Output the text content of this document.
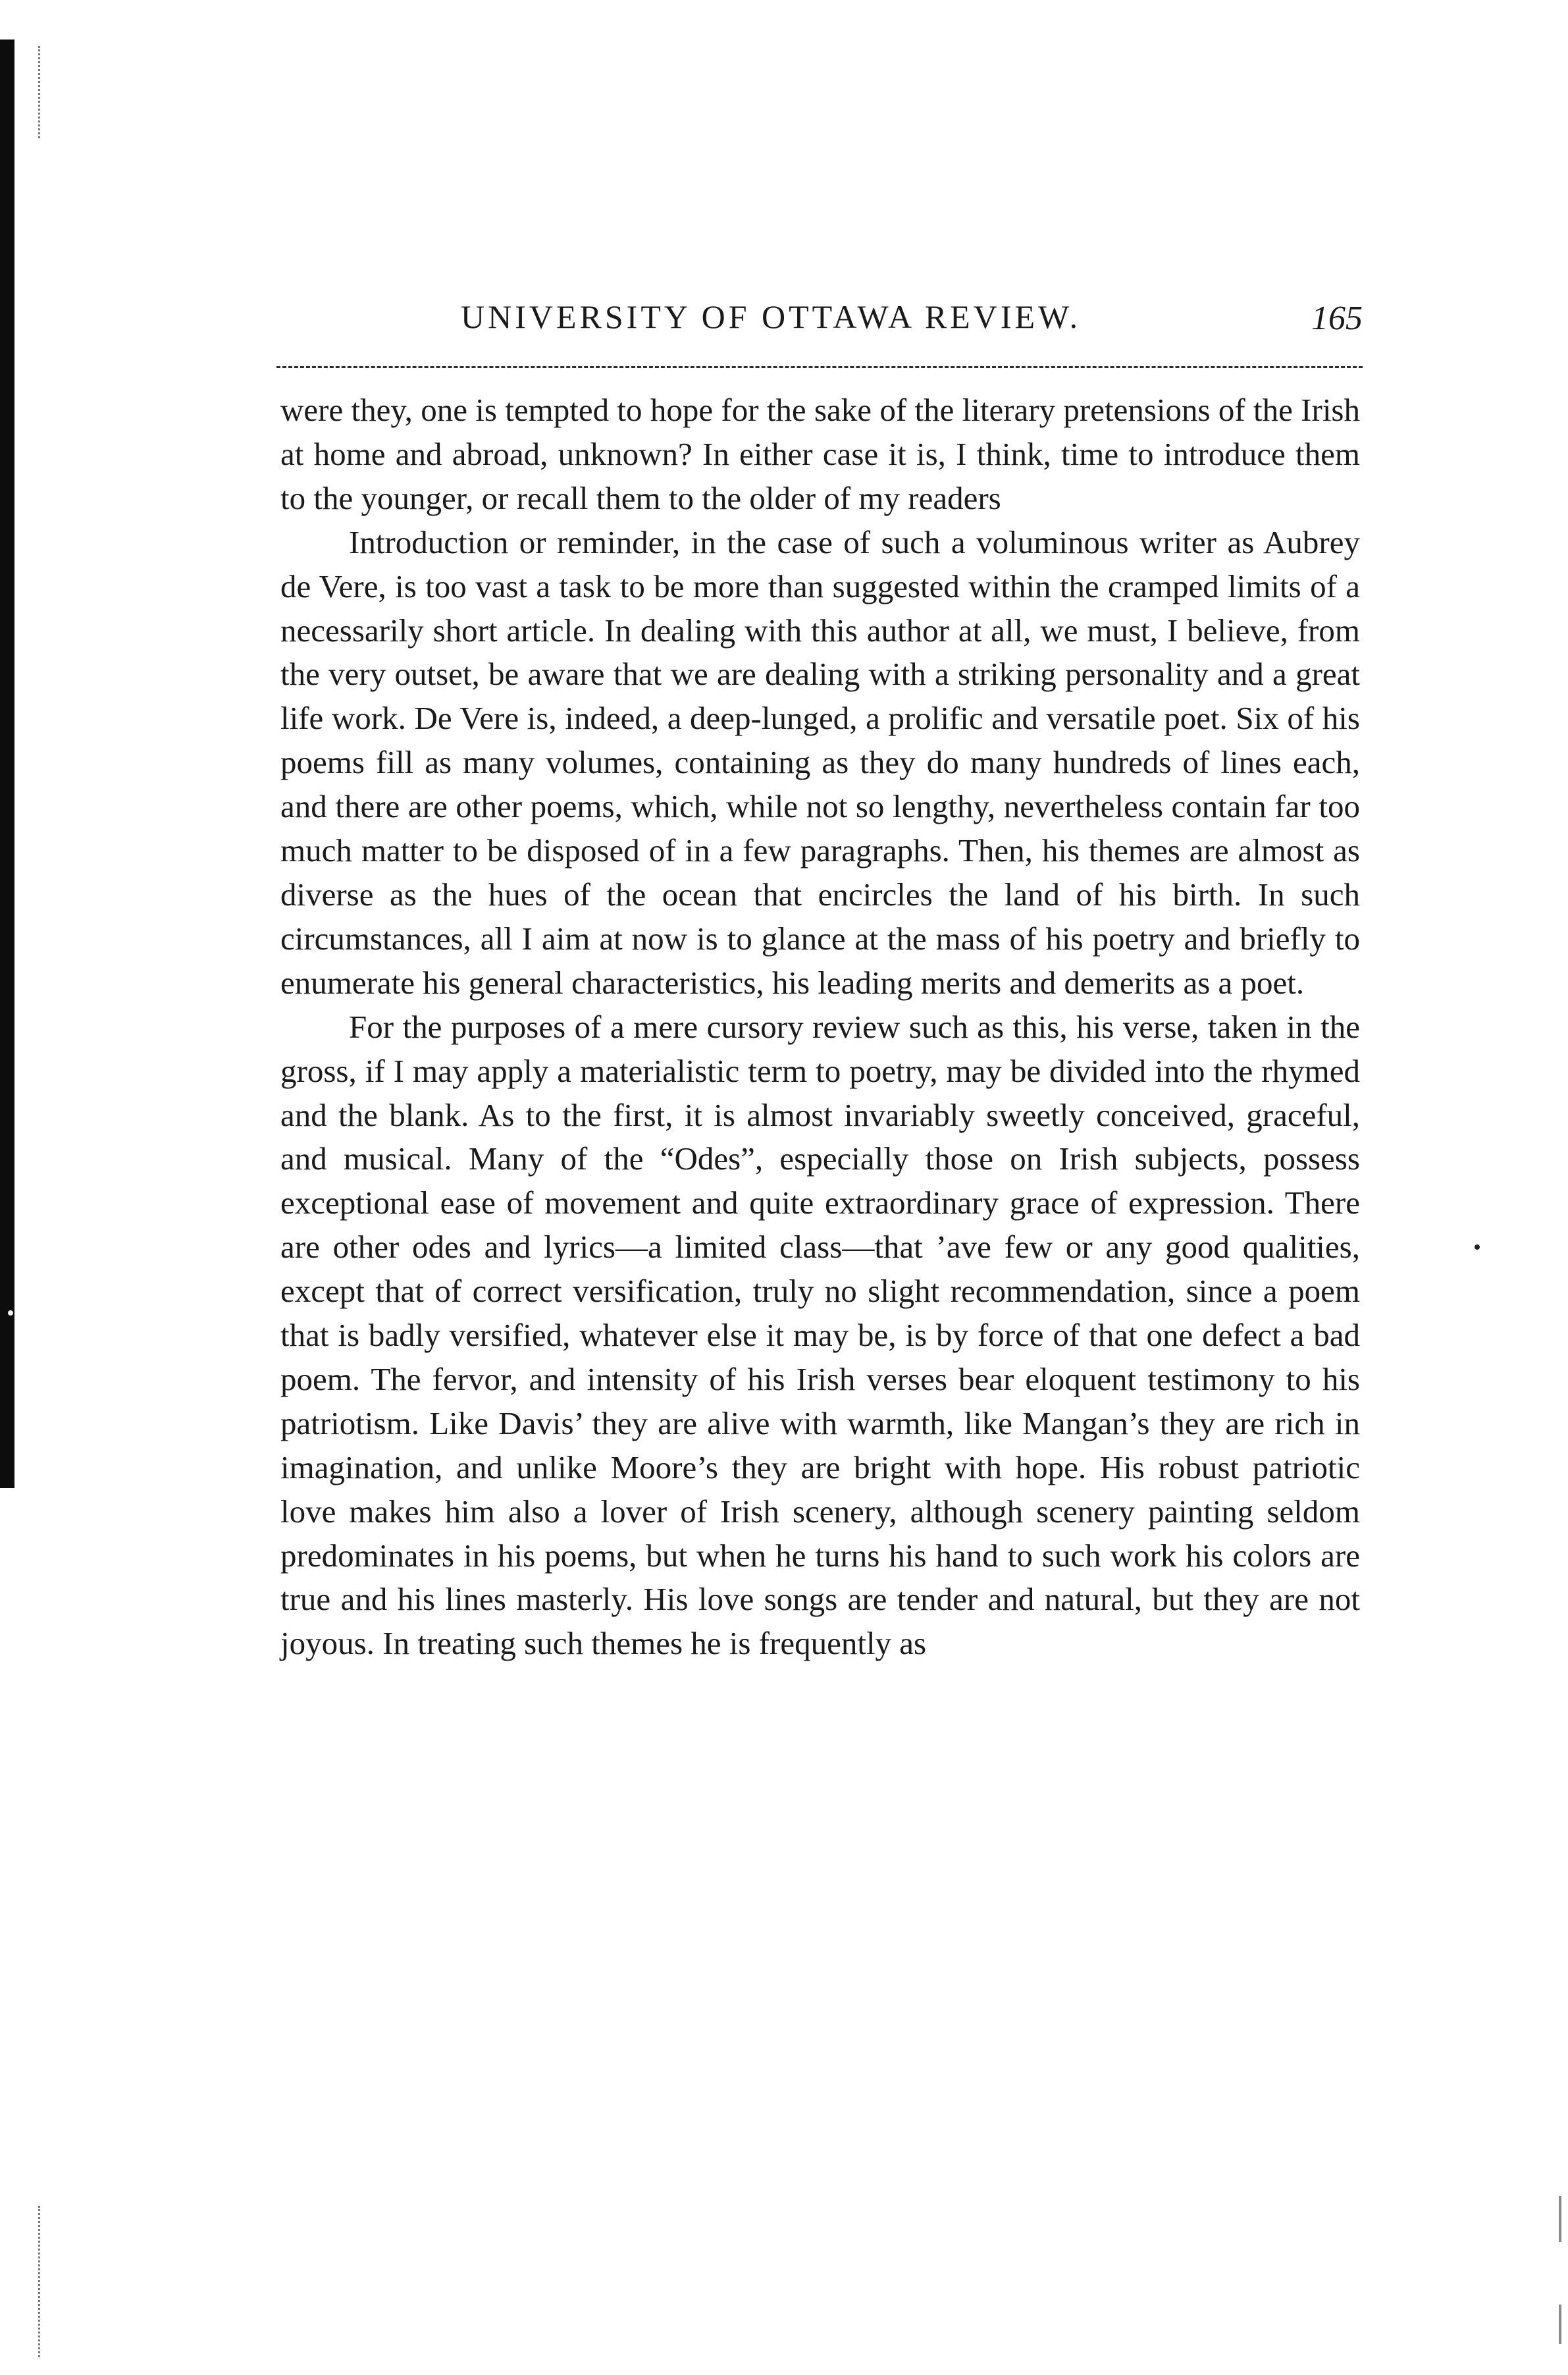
UNIVERSITY OF OTTAWA REVIEW.	165

were they, one is tempted to hope for the sake of the literary pretensions of the Irish at home and abroad, unknown? In either case it is, I think, time to introduce them to the younger, or recall them to the older of my readers

Introduction or reminder, in the case of such a voluminous writer as Aubrey de Vere, is too vast a task to be more than suggested within the cramped limits of a necessarily short article. In dealing with this author at all, we must, I believe, from the very outset, be aware that we are dealing with a striking personality and a great life work. De Vere is, indeed, a deep-lunged, a prolific and versatile poet. Six of his poems fill as many volumes, containing as they do many hundreds of lines each, and there are other poems, which, while not so lengthy, nevertheless contain far too much matter to be disposed of in a few paragraphs. Then, his themes are almost as diverse as the hues of the ocean that encircles the land of his birth. In such circumstances, all I aim at now is to glance at the mass of his poetry and briefly to enumerate his general characteristics, his leading merits and demerits as a poet.

For the purposes of a mere cursory review such as this, his verse, taken in the gross, if I may apply a materialistic term to poetry, may be divided into the rhymed and the blank. As to the first, it is almost invariably sweetly conceived, graceful, and musical. Many of the “Odes”, especially those on Irish subjects, possess exceptional ease of movement and quite extraordinary grace of expression. There are other odes and lyrics—a limited class—that ’ave few or any good qualities, except that of correct versification, truly no slight recommendation, since a poem that is badly versified, whatever else it may be, is by force of that one defect a bad poem. The fervor, and intensity of his Irish verses bear eloquent testimony to his patriotism. Like Davis’ they are alive with warmth, like Mangan’s they are rich in imagination, and unlike Moore’s they are bright with hope. His robust patriotic love makes him also a lover of Irish scenery, although scenery painting seldom predominates in his poems, but when he turns his hand to such work his colors are true and his lines masterly. His love songs are tender and natural, but they are not joyous. In treating such themes he is frequently as
